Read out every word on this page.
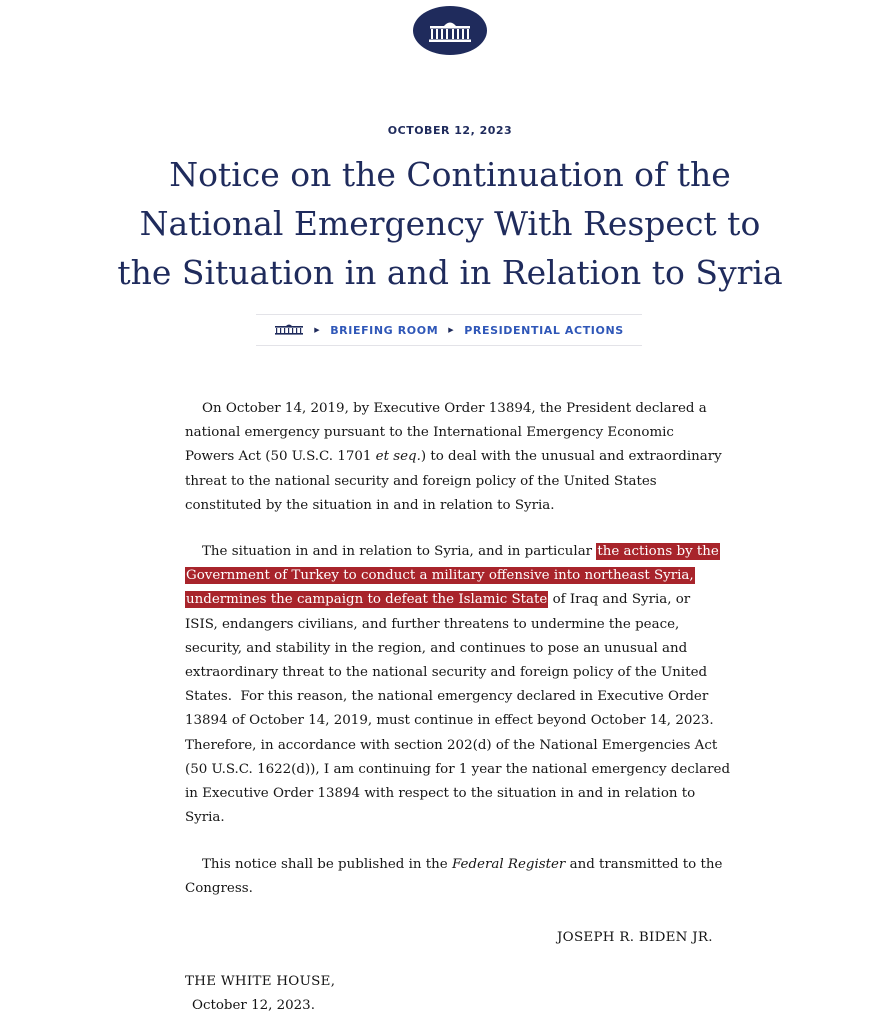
OCTOBER 12, 2023
Notice on the Continuation of the
National Emergency With Respect to
the Situation in and in Relation to Syria
▶ BRIEFING ROOM ▶ PRESIDENTIAL ACTIONS
On October 14, 2019, by Executive Order 13894, the President declared a
national emergency pursuant to the International Emergency Economic
Powers Act (50 U.S.C. 1701 et seq.) to deal with the unusual and extraordinary
threat to the national security and foreign policy of the United States
constituted by the situation in and in relation to Syria.
The situation in and in relation to Syria, and in particular the actions by the
Government of Turkey to conduct a military offensive into northeast Syria,
undermines the campaign to defeat the Islamic State of Iraq and Syria, or
ISIS, endangers civilians, and further threatens to undermine the peace,
security, and stability in the region, and continues to pose an unusual and
extraordinary threat to the national security and foreign policy of the United
States.  For this reason, the national emergency declared in Executive Order
13894 of October 14, 2019, must continue in effect beyond October 14, 2023.
Therefore, in accordance with section 202(d) of the National Emergencies Act
(50 U.S.C. 1622(d)), I am continuing for 1 year the national emergency declared
in Executive Order 13894 with respect to the situation in and in relation to
Syria.
This notice shall be published in the Federal Register and transmitted to the
Congress.
JOSEPH R. BIDEN JR.
THE WHITE HOUSE,
October 12, 2023.
